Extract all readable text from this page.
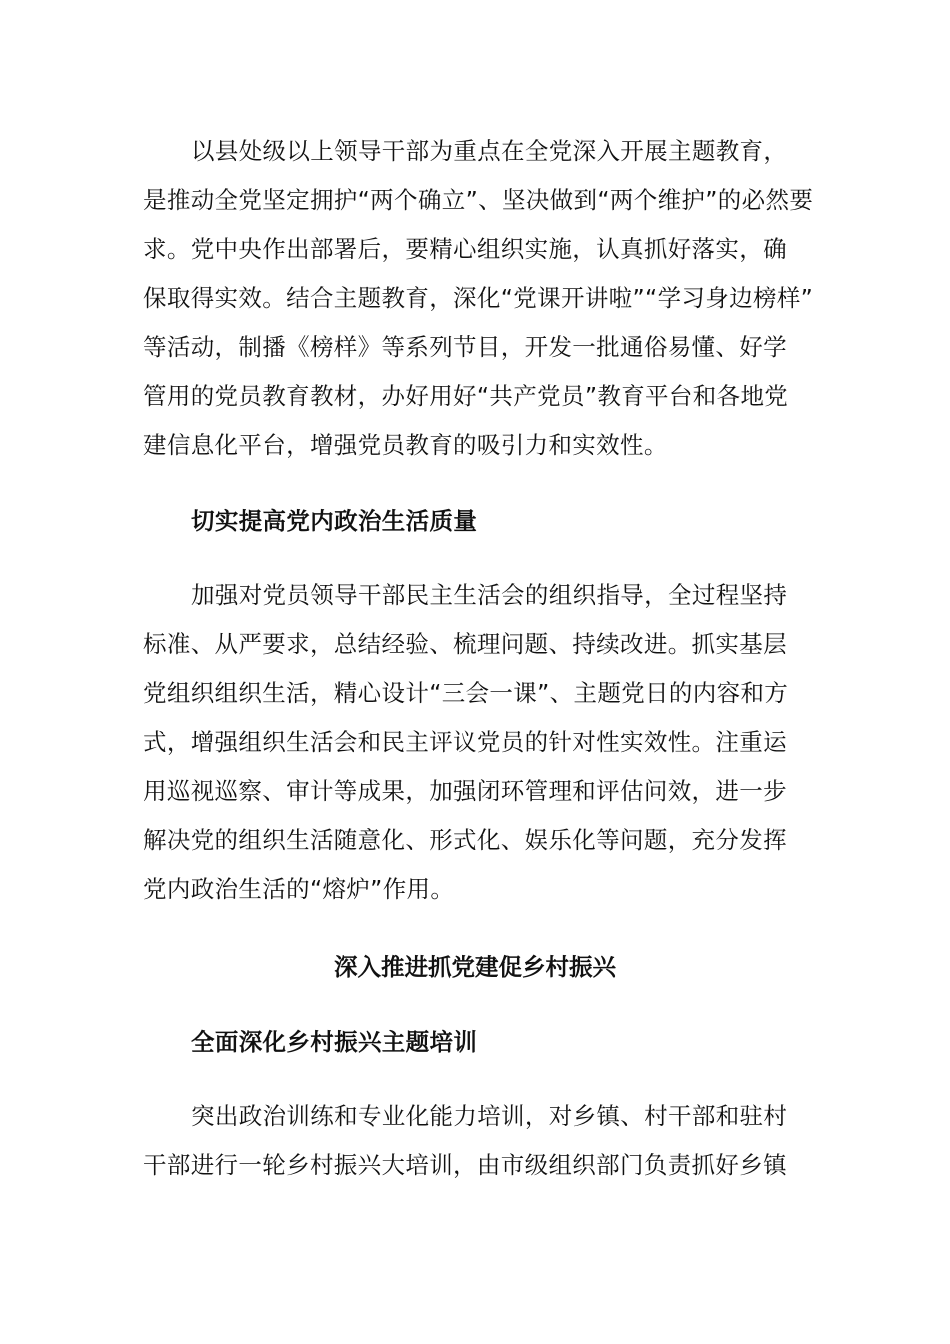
以县处级以上领导干部为重点在全党深入开展主题教育，
是推动全党坚定拥护“两个确立”、坚决做到“两个维护”的必然要
求。党中央作出部署后，要精心组织实施，认真抓好落实，确
保取得实效。结合主题教育，深化“党课开讲啦”“学习身边榜样”
等活动，制播《榜样》等系列节目，开发一批通俗易懂、好学
管用的党员教育教材，办好用好“共产党员”教育平台和各地党
建信息化平台，增强党员教育的吸引力和实效性。
切实提高党内政治生活质量
加强对党员领导干部民主生活会的组织指导，全过程坚持
标准、从严要求，总结经验、梳理问题、持续改进。抓实基层
党组织组织生活，精心设计“三会一课”、主题党日的内容和方
式，增强组织生活会和民主评议党员的针对性实效性。注重运
用巡视巡察、审计等成果，加强闭环管理和评估问效，进一步
解决党的组织生活随意化、形式化、娱乐化等问题，充分发挥
党内政治生活的“熔炉”作用。
深入推进抓党建促乡村振兴
全面深化乡村振兴主题培训
突出政治训练和专业化能力培训，对乡镇、村干部和驻村
干部进行一轮乡村振兴大培训，由市级组织部门负责抓好乡镇
